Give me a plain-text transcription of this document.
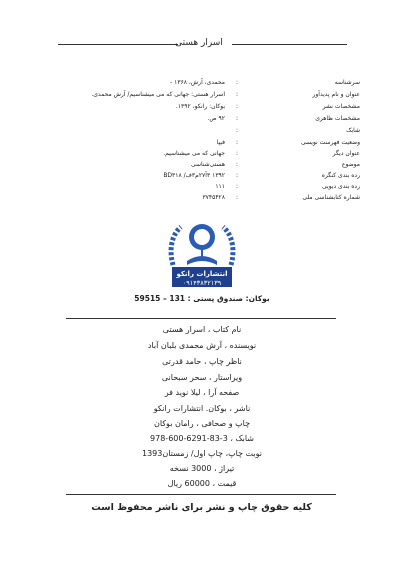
اسرار هستی
سرشناسه
:
محمدی، آرش، ۱۳۶۸ -
عنوان و نام پدیدآور
:
اسرار هستی: جهانی که می میشناسیم/ آرش محمدی.
مشخصات نشر
:
بوکان: رانکو، ۱۳۹۲.
مشخصات ظاهری
:
۹۲ ص.
شابک
:
وضعیت فهرست نویسی
:
فیپا
عنوان دیگر
:
جهانی که می میشناسیم.
موضوع
:
هستی‌شناسی
رده بندی کنگره
:
۱۳۹۲ ۳آ۲۷م۳ف/ BD۳۱۸
رده بندی دیویی
:
۱۱۱
شماره کتابشناسی ملی
:
۳۷۴۵۴۲۸
انتشارات رانکو
۰۹۱۴۳۸۳۲۱۳۹
بوکان: صندوق پستی : 131 – 59515
نام کتاب ، اسرار هستی
نویسنده ، آرش محمدی بلبان آباد
ناظر چاپ ، حامد قدرتی
ویراستار ، سحر سبحانی
صفحه آرا ، لیلا نوید فر
ناشر ، بوکان. انتشارات رانکو
چاپ و صحافی ، رامان بوکان
شابک ، 3-83-6291-600-978
نوبت چاپ، چاپ اول/ زمستان1393
تیراژ ، 3000 نسخه
قیمت ، 60000 ریال
کلیه حقوق چاپ و نشر برای ناشر محفوظ است
